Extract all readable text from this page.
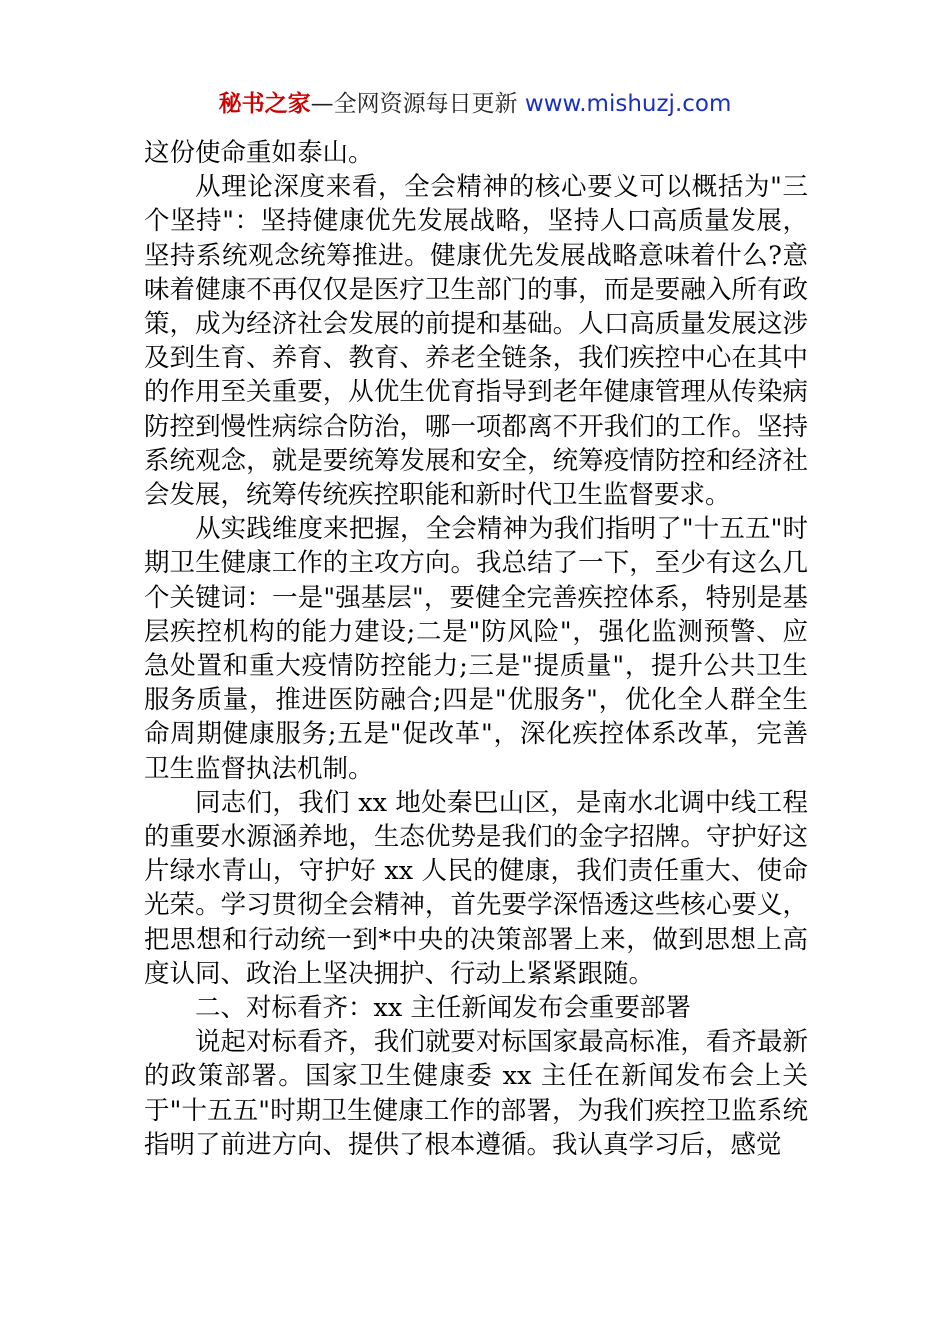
秘书之家—全网资源每日更新 www.mishuzj.com

这份使命重如泰山。

从理论深度来看，全会精神的核心要义可以概括为"三个坚持"：坚持健康优先发展战略，坚持人口高质量发展，坚持系统观念统筹推进。健康优先发展战略意味着什么?意味着健康不再仅仅是医疗卫生部门的事，而是要融入所有政策，成为经济社会发展的前提和基础。人口高质量发展这涉及到生育、养育、教育、养老全链条，我们疾控中心在其中的作用至关重要，从优生优育指导到老年健康管理从传染病防控到慢性病综合防治，哪一项都离不开我们的工作。坚持系统观念，就是要统筹发展和安全，统筹疫情防控和经济社会发展，统筹传统疾控职能和新时代卫生监督要求。

从实践维度来把握，全会精神为我们指明了"十五五"时期卫生健康工作的主攻方向。我总结了一下，至少有这么几个关键词：一是"强基层"，要健全完善疾控体系，特别是基层疾控机构的能力建设;二是"防风险"，强化监测预警、应急处置和重大疫情防控能力;三是"提质量"，提升公共卫生服务质量，推进医防融合;四是"优服务"，优化全人群全生命周期健康服务;五是"促改革"，深化疾控体系改革，完善卫生监督执法机制。

同志们，我们 xx 地处秦巴山区，是南水北调中线工程的重要水源涵养地，生态优势是我们的金字招牌。守护好这片绿水青山，守护好 xx 人民的健康，我们责任重大、使命光荣。学习贯彻全会精神，首先要学深悟透这些核心要义，把思想和行动统一到*中央的决策部署上来，做到思想上高度认同、政治上坚决拥护、行动上紧紧跟随。

二、对标看齐：xx 主任新闻发布会重要部署

说起对标看齐，我们就要对标国家最高标准，看齐最新的政策部署。国家卫生健康委 xx 主任在新闻发布会上关于"十五五"时期卫生健康工作的部署，为我们疾控卫监系统指明了前进方向、提供了根本遵循。我认真学习后，感觉
